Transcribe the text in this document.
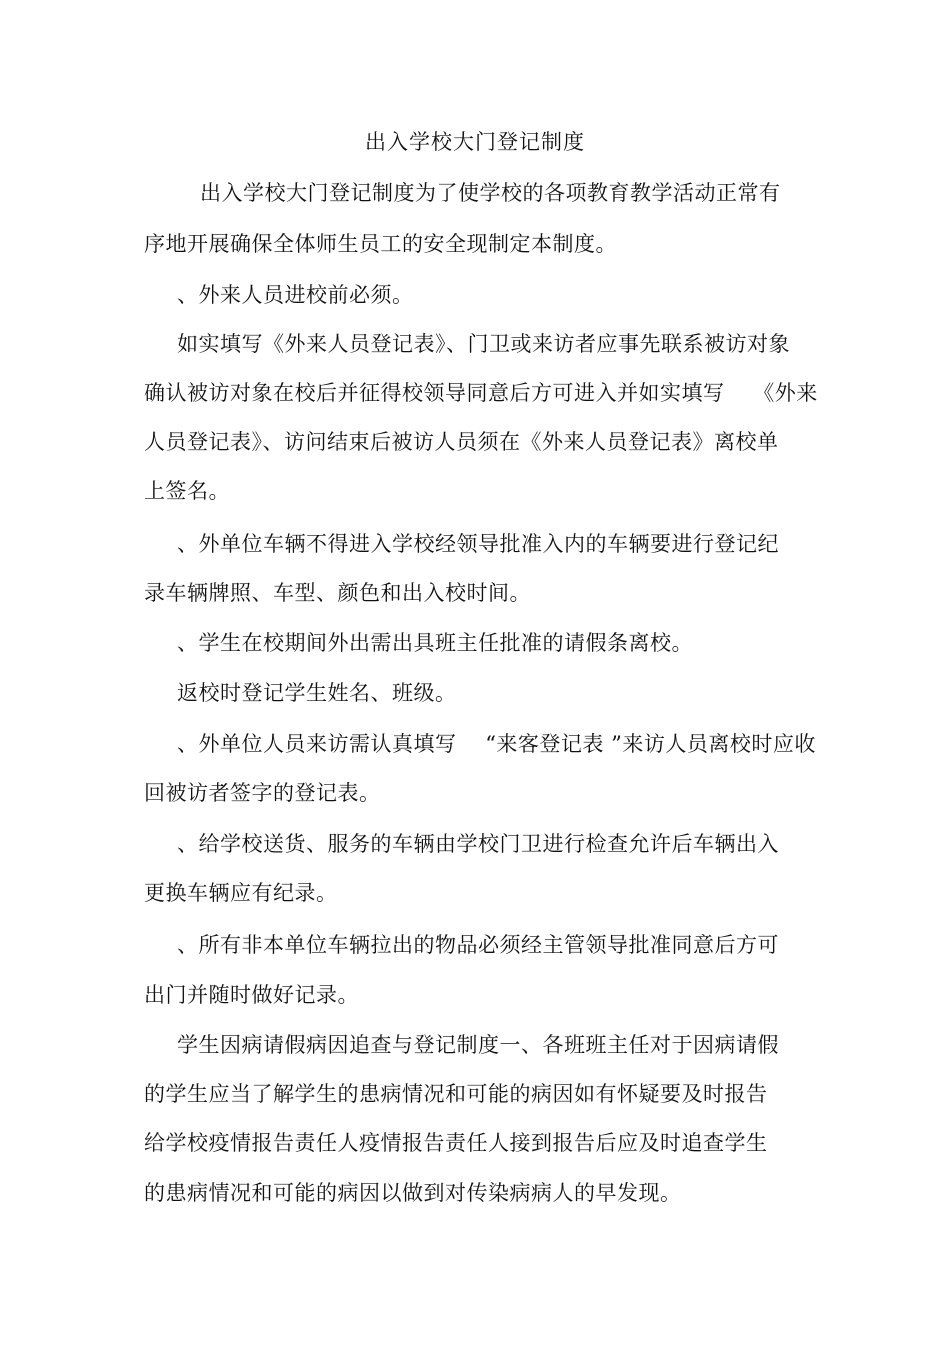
出入学校大门登记制度
出入学校大门登记制度为了使学校的各项教育教学活动正常有
序地开展确保全体师生员工的安全现制定本制度。
、外来人员进校前必须。
如实填写《外来人员登记表》、门卫或来访者应事先联系被访对象
确认被访对象在校后并征得校领导同意后方可进入并如实填写    《外来
人员登记表》、访问结束后被访人员须在《外来人员登记表》离校单
上签名。
、外单位车辆不得进入学校经领导批准入内的车辆要进行登记纪
录车辆牌照、车型、颜色和出入校时间。
、学生在校期间外出需出具班主任批准的请假条离校。
返校时登记学生姓名、班级。
、外单位人员来访需认真填写    “来客登记表 ”来访人员离校时应收
回被访者签字的登记表。
、给学校送货、服务的车辆由学校门卫进行检查允许后车辆出入
更换车辆应有纪录。
、所有非本单位车辆拉出的物品必须经主管领导批准同意后方可
出门并随时做好记录。
学生因病请假病因追查与登记制度一、各班班主任对于因病请假
的学生应当了解学生的患病情况和可能的病因如有怀疑要及时报告
给学校疫情报告责任人疫情报告责任人接到报告后应及时追查学生
的患病情况和可能的病因以做到对传染病病人的早发现。
